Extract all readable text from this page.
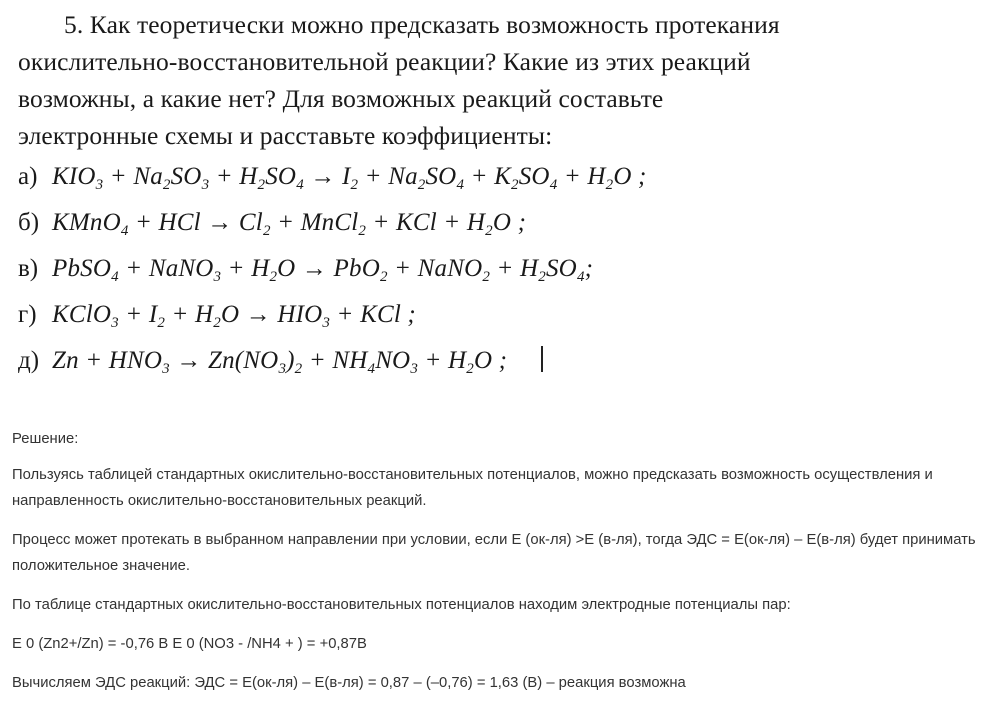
5. Как теоретически можно предсказать возможность протекания
окислительно-восстановительной реакции? Какие из этих реакций
возможны, а какие нет? Для возможных реакций составьте
электронные схемы и расставьте коэффициенты:

а) $KIO_3 + Na_2SO_3 + H_2SO_4 \to I_2 + Na_2SO_4 + K_2SO_4 + H_2O$ ;
б) KMnO$_4$ + HCl → $Cl_2$ + MnCl$_2$ + KCl + $H_2O$ ;
в) PbSO$_4$ + NaNO$_3$ + $H_2O \to PbO_2$ + NaNO$_2$ + $H_2SO_4$;
г) KClO$_3$ + $I_2 + H_2O \to HIO_3$ + KCl ;
д) $Zn + HNO_3 \to Zn(NO_3)_2 + NH_4NO_3 + H_2O$ ;

Решение:

Пользуясь таблицей стандартных окислительно-восстановительных потенциалов, можно предсказать возможность осуществления и направленность окислительно-восстановительных реакций.

Процесс может протекать в выбранном направлении при условии, если Е (ок-ля) >Е (в-ля), тогда ЭДС = Е(ок-ля) – Е(в-ля) будет принимать положительное значение.

По таблице стандартных окислительно-восстановительных потенциалов находим электродные потенциалы пар:

E 0 (Zn2+/Zn) = -0,76 В E 0 (NO3 - /NH4 + ) = +0,87В

Вычисляем ЭДС реакций: ЭДС = Е(ок-ля) – Е(в-ля) = 0,87 – (–0,76) = 1,63 (В) – реакция возможна
